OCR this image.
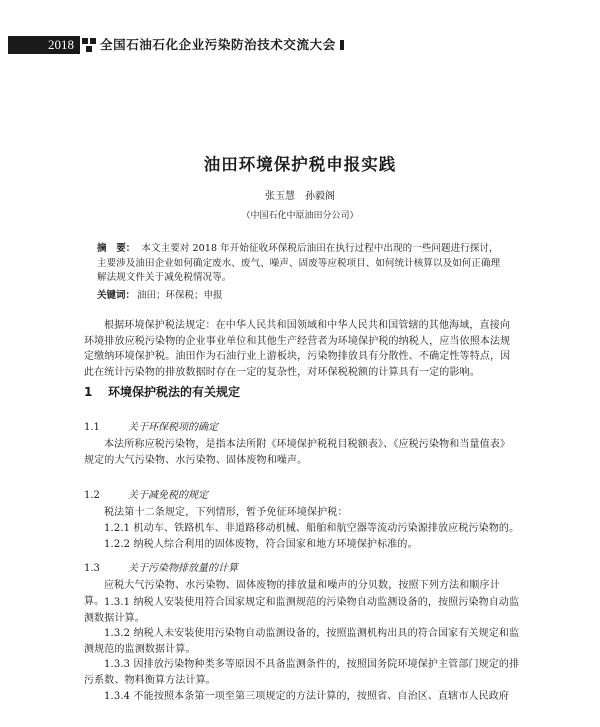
2018	全国石油石化企业污染防治技术交流大会
油田环境保护税申报实践
张玉慧　孙毅阁
（中国石化中原油田分公司）
摘　要： 本文主要对 2018 年开始征收环保税后油田在执行过程中出现的一些问题进行探讨，主要涉及油田企业如何确定废水、废气、噪声、固废等应税项目、如何统计核算以及如何正确理解法规文件关于减免税情况等。
关键词： 油田；环保税；申报
根据环境保护税法规定：在中华人民共和国领域和中华人民共和国管辖的其他海域，直接向环境排放应税污染物的企业事业单位和其他生产经营者为环境保护税的纳税人，应当依照本法规定缴纳环境保护税。油田作为石油行业上游板块，污染物排放具有分散性、不确定性等特点，因此在统计污染物的排放数据时存在一定的复杂性，对环保税税额的计算具有一定的影响。
1 环境保护税法的有关规定
1.1	关于环保税项的确定
本法所称应税污染物，是指本法所附《环境保护税税目税额表》、《应税污染物和当量值表》规定的大气污染物、水污染物、固体废物和噪声。
1.2	关于减免税的规定
税法第十二条规定，下列情形，暂予免征环境保护税：
1.2.1 机动车、铁路机车、非道路移动机械、船舶和航空器等流动污染源排放应税污染物的。
1.2.2 纳税人综合利用的固体废物，符合国家和地方环境保护标准的。
1.3	关于污染物排放量的计算
应税大气污染物、水污染物、固体废物的排放量和噪声的分贝数，按照下列方法和顺序计算。 1.3.1 纳税人安装使用符合国家规定和监测规范的污染物自动监测设备的，按照污染物自动监测数据计算。
1.3.2 纳税人未安装使用污染物自动监测设备的，按照监测机构出具的符合国家有关规定和监测规范的监测数据计算。
1.3.3 因排放污染物种类多等原因不具备监测条件的，按照国务院环境保护主管部门规定的排污系数、物料衡算方法计算。
1.3.4 不能按照本条第一项至第三项规定的方法计算的，按照省、自治区、直辖市人民政府
